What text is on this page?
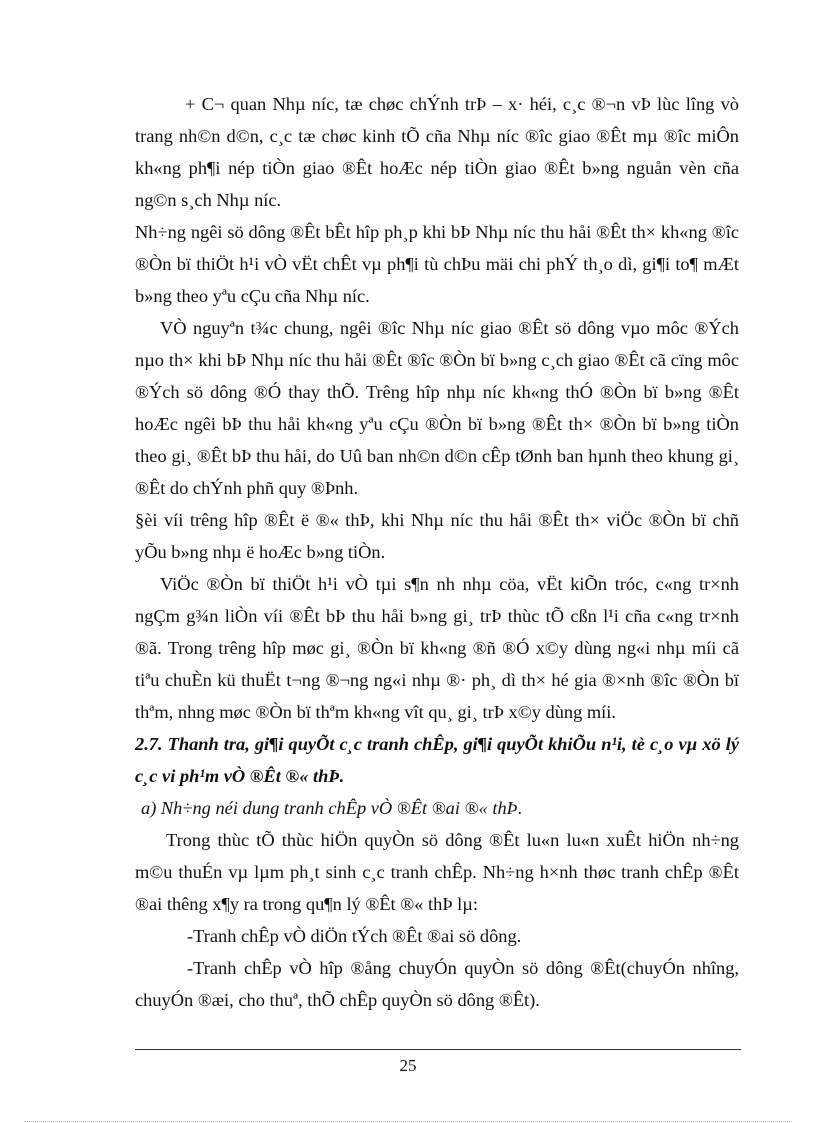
+ C¬ quan Nhµ níc, tæ chøc chÝnh trÞ – x· héi, c¸c ®¬n vÞ lùc lîng vò trang nh©n d©n, c¸c tæ chøc kinh tÕ cña Nhµ níc ®îc giao ®Êt mµ ®îc miÔn kh«ng ph¶i nép tiÒn giao ®Êt hoÆc nép tiÒn giao ®Êt b»ng nguån vèn cña ng©n s¸ch Nhµ níc.

Nh÷ng ngêi sö dông ®Êt bÊt hîp ph¸p khi bÞ Nhµ níc thu håi ®Êt th× kh«ng ®îc ®Òn bï thiÖt h¹i vÒ vËt chÊt vµ ph¶i tù chÞu mäi chi phÝ th¸o dì, gi¶i to¶ mÆt b»ng theo yªu cÇu cña Nhµ níc.

VÒ nguyªn t¾c chung, ngêi ®îc Nhµ níc giao ®Êt sö dông vµo môc ®Ých nµo th× khi bÞ Nhµ níc thu håi ®Êt ®îc ®Òn bï b»ng c¸ch giao ®Êt cã cïng môc ®Ých sö dông ®Ó thay thÕ. Trêng hîp nhµ níc kh«ng thÓ ®Òn bï b»ng ®Êt hoÆc ngêi bÞ thu håi kh«ng yªu cÇu ®Òn bï b»ng ®Êt th× ®Òn bï b»ng tiÒn theo gi¸ ®Êt bÞ thu håi, do Uû ban nh©n d©n cÊp tØnh ban hµnh theo khung gi¸ ®Êt do chÝnh phñ quy ®Þnh.

§èi víi trêng hîp ®Êt ë ®« thÞ, khi Nhµ níc thu håi ®Êt th× viÖc ®Òn bï chñ yÕu b»ng nhµ ë hoÆc b»ng tiÒn.

ViÖc ®Òn bï thiÖt h¹i vÒ tµi s¶n nh nhµ cöa, vËt kiÕn tróc, c«ng tr×nh ngÇm g¾n liÒn víi ®Êt bÞ thu håi b»ng gi¸ trÞ thùc tÕ cßn l¹i cña c«ng tr×nh ®ã. Trong trêng hîp møc gi¸ ®Òn bï kh«ng ®ñ ®Ó x©y dùng ng«i nhµ míi cã tiªu chuÈn kü thuËt t¬ng ®¬ng ng«i nhµ ®· ph¸ dì th× hé gia ®×nh ®îc ®Òn bï thªm, nhng møc ®Òn bï thªm kh«ng vît qu¸ gi¸ trÞ x©y dùng míi.

2.7. Thanh tra, gi¶i quyÕt c¸c tranh chÊp, gi¶i quyÕt khiÕu n¹i, tè c¸o vµ xö lý c¸c vi ph¹m vÒ ®Êt ®« thÞ.

a) Nh÷ng néi dung tranh chÊp vÒ ®Êt ®ai ®« thÞ.

Trong thùc tÕ thùc hiÖn quyÒn sö dông ®Êt lu«n lu«n xuÊt hiÖn nh÷ng m©u thuÉn vµ lµm ph¸t sinh c¸c tranh chÊp. Nh÷ng h×nh thøc tranh chÊp ®Êt ®ai thêng x¶y ra trong qu¶n lý ®Êt ®« thÞ lµ:

-Tranh chÊp vÒ diÖn tÝch ®Êt ®ai sö dông.

-Tranh chÊp vÒ hîp ®ång chuyÓn quyÒn sö dông ®Êt(chuyÓn nhîng, chuyÓn ®æi, cho thuª, thÕ chÊp quyÒn sö dông ®Êt).

25
